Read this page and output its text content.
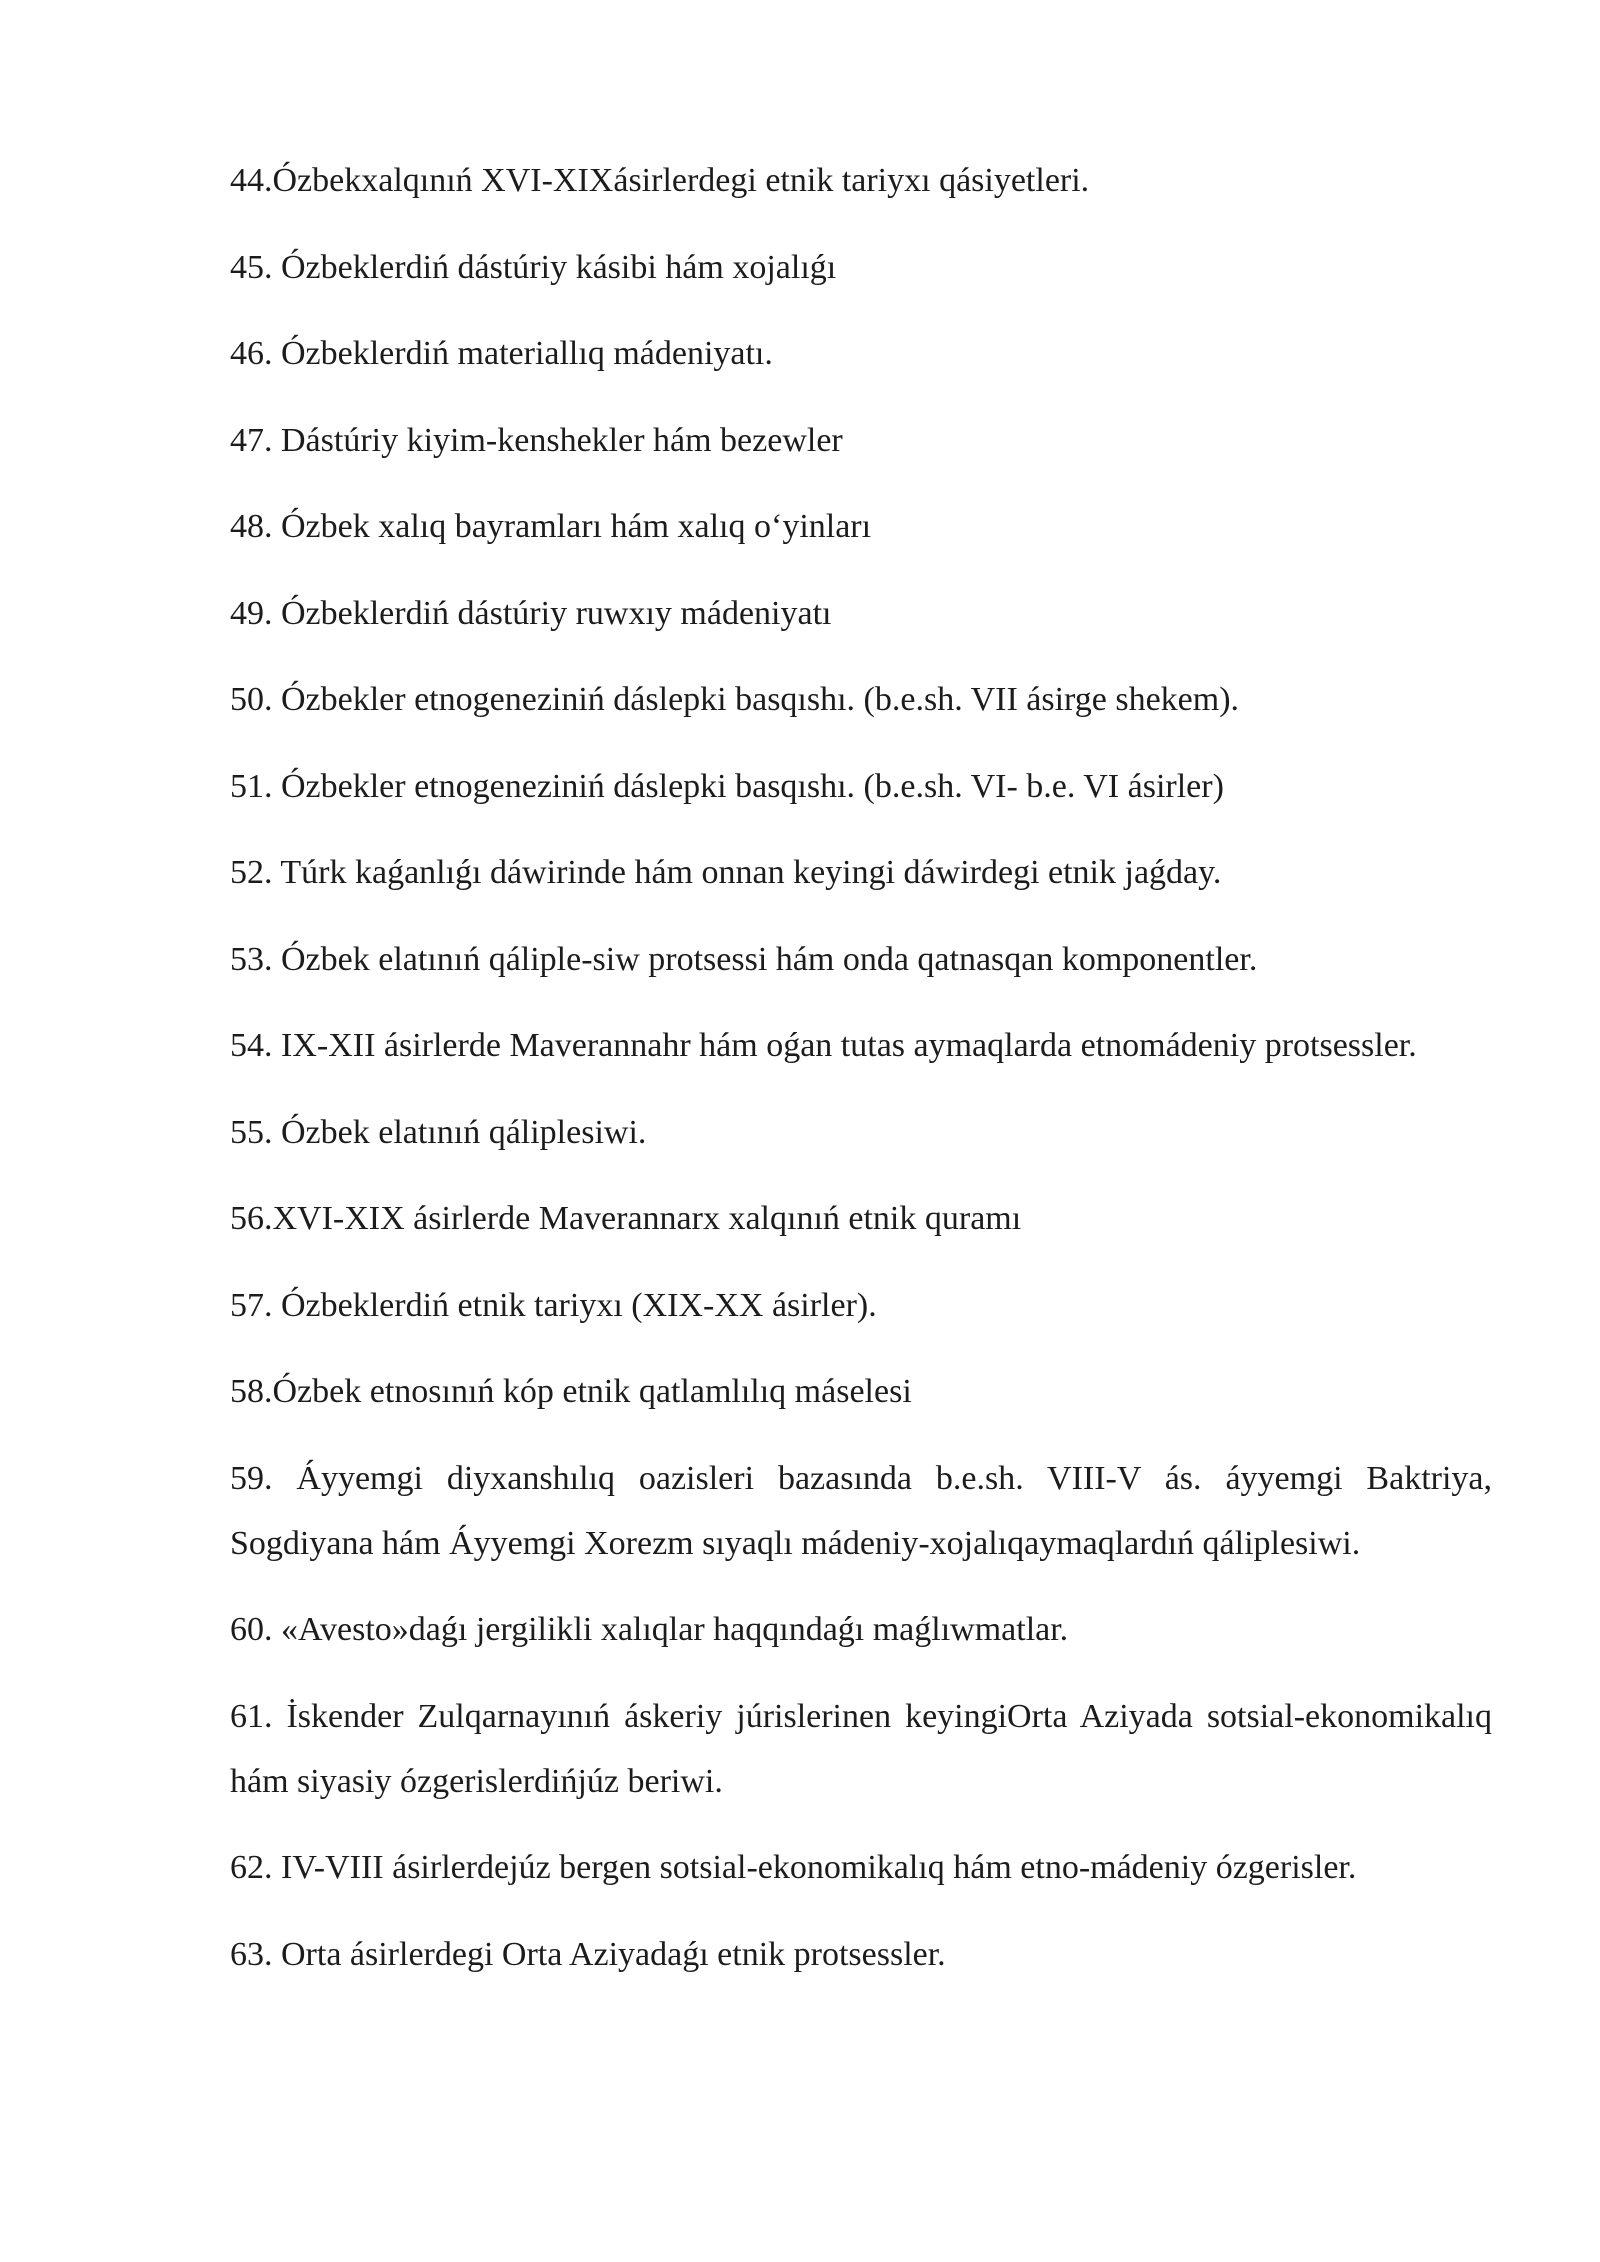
44.Ózbekxalqınıń XVI-XIXásirlerdegi etnik tariyxı qásiyetleri.

45. Ózbeklerdiń dástúriy kásibi hám xojalıǵı

46. Ózbeklerdiń materiallıq mádeniyatı.

47. Dástúriy kiyim-kenshekler hám bezewler

48. Ózbek xalıq bayramları hám xalıq oʻyinları

49. Ózbeklerdiń dástúriy ruwxıy mádeniyatı

50. Ózbekler etnogeneziniń dáslepki basqıshı. (b.e.sh. VII ásirge shekem).

51. Ózbekler etnogeneziniń dáslepki basqıshı. (b.e.sh. VI- b.e. VI ásirler)

52. Túrk kaǵanlıǵı dáwirinde hám onnan keyingi dáwirdegi etnik jaǵday.

53. Ózbek elatınıń qáliple-siw protsessi hám onda qatnasqan komponentler.

54. IX-XII ásirlerde Maverannahr hám oǵan tutas aymaqlarda etnomádeniy protsessler.

55. Ózbek elatınıń qáliplesiwi.

56.XVI-XIX ásirlerde Maverannarx xalqınıń etnik quramı

57. Ózbeklerdiń etnik tariyxı (XIX-XX ásirler).

58.Ózbek etnosınıń kóp etnik qatlamlılıq máselesi

59. Áyyemgi diyxanshılıq oazisleri bazasında b.e.sh. VIII-V ás. áyyemgi Baktriya, Sogdiyana hám Áyyemgi Xorezm sıyaqlı mádeniy-xojalıqaymaqlardıń qáliplesiwi.

60. «Avesto»daǵı jergilikli xalıqlar haqqındaǵı maǵlıwmatlar.

61. İskender Zulqarnayınıń áskeriy júrislerinen keyingiOrta Aziyada sotsial-ekonomikalıq hám siyasiy ózgerislerdińjúz beriwi.

62. IV-VIII ásirlerdejúz bergen sotsial-ekonomikalıq hám etno-mádeniy ózgerisler.

63. Orta ásirlerdegi Orta Aziyadaǵı etnik protsessler.
